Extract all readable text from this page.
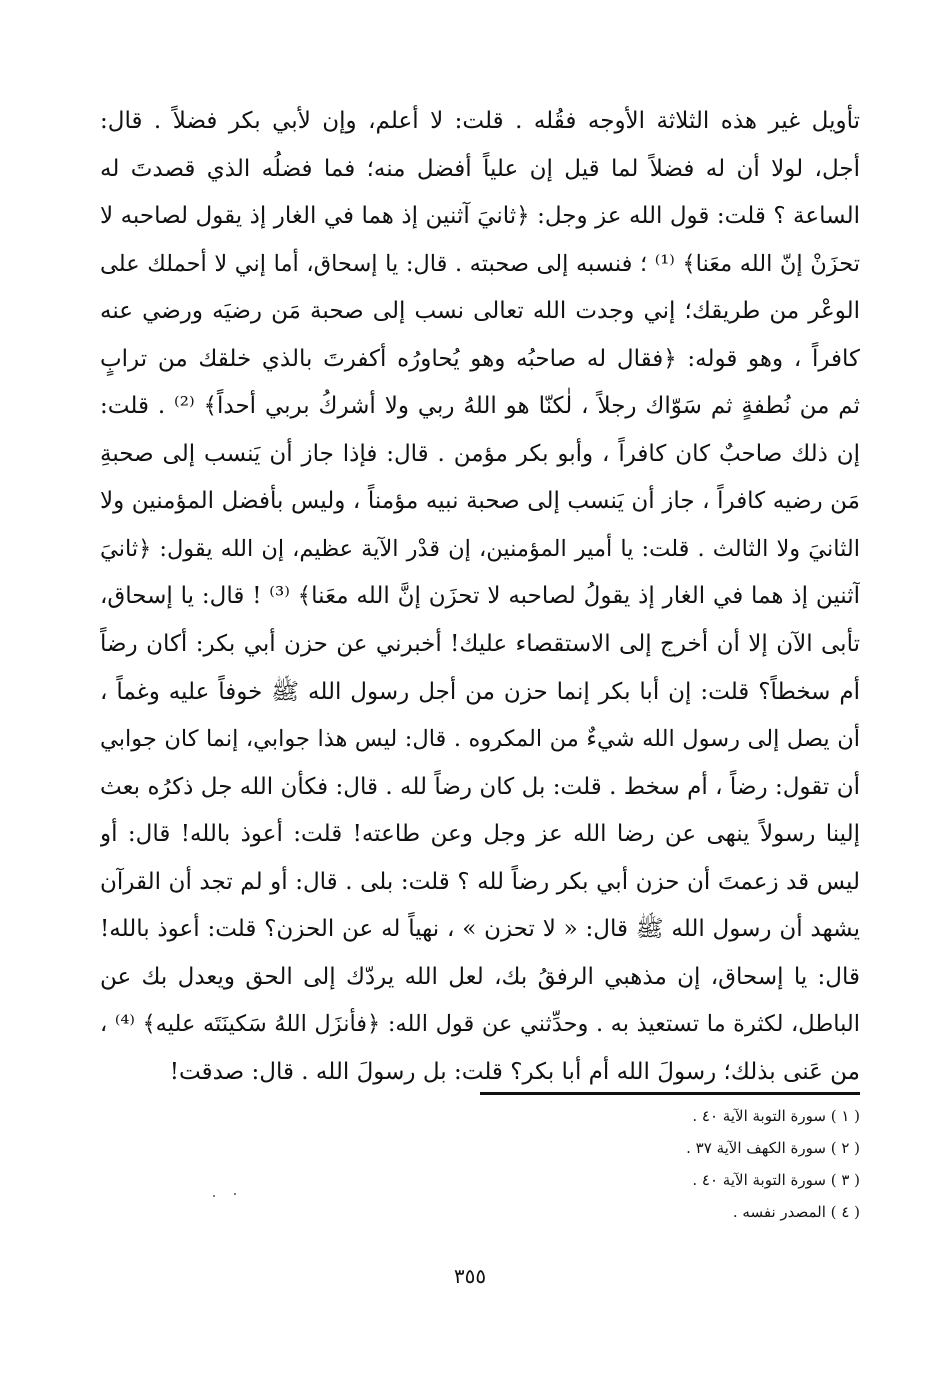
تأويل غير هذه الثلاثة الأوجه فقُله . قلت: لا أعلم، وإن لأبي بكر فضلاً . قال:
أجل، لولا أن له فضلاً لما قيل إن علياً أفضل منه؛ فما فضلُه الذي قصدتَ له
الساعة ؟ قلت: قول الله عز وجل: ﴿ثانيَ آثنين إذ هما في الغار إذ يقول لصاحبه لا
تحزَنْ إنّ الله معَنا﴾ ⁽¹⁾ ؛ فنسبه إلى صحبته . قال: يا إسحاق، أما إني لا أحملك على
الوعْر من طريقك؛ إني وجدت الله تعالى نسب إلى صحبة مَن رضيَه ورضي عنه
كافراً ، وهو قوله: ﴿فقال له صاحبُه وهو يُحاورُه أكفرتَ بالذي خلقك من ترابٍ
ثم من نُطفةٍ ثم سَوّاك رجلاً ، لٰكنّا هو اللهُ ربي ولا أشركُ بربي أحداً﴾ ⁽²⁾ . قلت:
إن ذلك صاحبٌ كان كافراً ، وأبو بكر مؤمن . قال: فإذا جاز أن يَنسب إلى صحبةِ
مَن رضيه كافراً ، جاز أن يَنسب إلى صحبة نبيه مؤمناً ، وليس بأفضل المؤمنين ولا
الثانيَ ولا الثالث . قلت: يا أمير المؤمنين، إن قدْر الآية عظيم، إن الله يقول: ﴿ثانيَ
آثنين إذ هما في الغار إذ يقولُ لصاحبه لا تحزَن إنَّ الله معَنا﴾ ⁽³⁾ ! قال: يا إسحاق،
تأبى الآن إلا أن أخرج إلى الاستقصاء عليك! أخبرني عن حزن أبي بكر: أكان رضاً
أم سخطاً؟ قلت: إن أبا بكر إنما حزن من أجل رسول الله ﷺ خوفاً عليه وغماً ،
أن يصل إلى رسول الله شيءٌ من المكروه . قال: ليس هذا جوابي، إنما كان جوابي
أن تقول: رضاً ، أم سخط . قلت: بل كان رضاً لله . قال: فكأن الله جل ذكرُه بعث
إلينا رسولاً ينهى عن رضا الله عز وجل وعن طاعته! قلت: أعوذ بالله! قال: أو
ليس قد زعمتَ أن حزن أبي بكر رضاً لله ؟ قلت: بلى . قال: أو لم تجد أن القرآن
يشهد أن رسول الله ﷺ قال: « لا تحزن » ، نهياً له عن الحزن؟ قلت: أعوذ بالله!
قال: يا إسحاق، إن مذهبي الرفقُ بك، لعل الله يردّك إلى الحق ويعدل بك عن
الباطل، لكثرة ما تستعيذ به . وحدِّثني عن قول الله: ﴿فأنزَل اللهُ سَكينَتَه عليه﴾ ⁽⁴⁾ ،
من عَنى بذلك؛ رسولَ الله أم أبا بكر؟ قلت: بل رسولَ الله . قال: صدقت!
( ١ ) سورة التوبة الآية ٤٠ .
( ٢ ) سورة الكهف الآية ٣٧ .
( ٣ ) سورة التوبة الآية ٤٠ .
( ٤ ) المصدر نفسه .
٣٥٥
